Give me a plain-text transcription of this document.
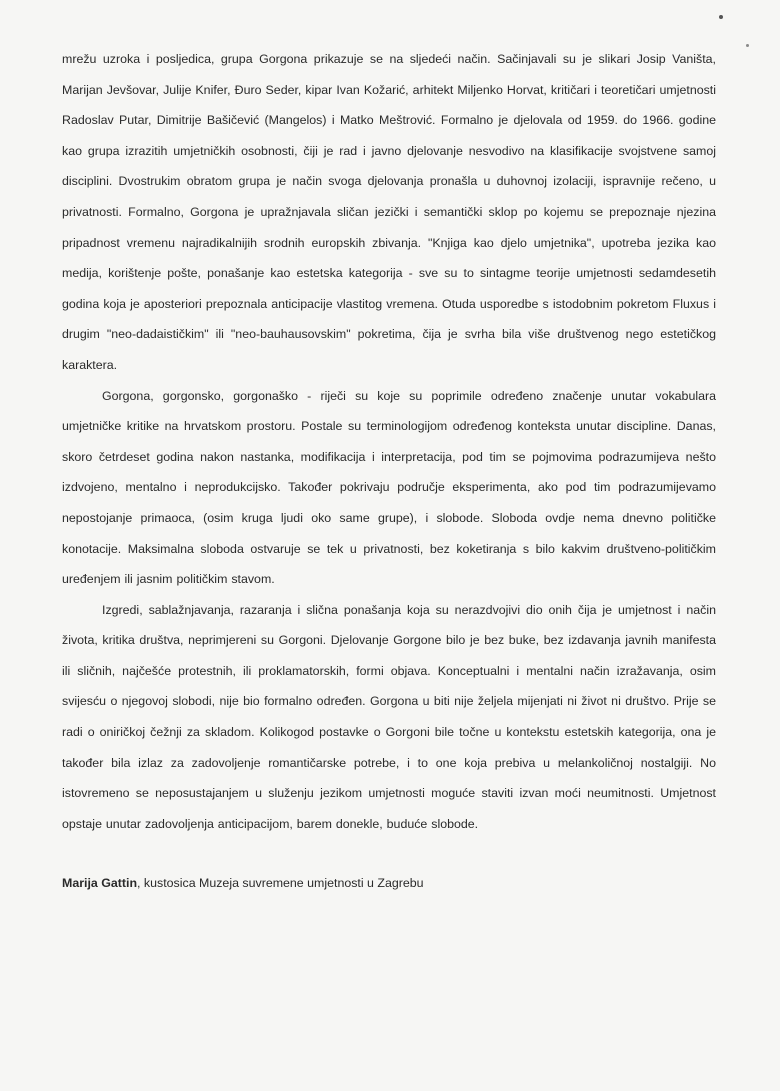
mrežu uzroka i posljedica, grupa Gorgona prikazuje se na sljedeći način. Sačinjavali su je slikari Josip Vaništa, Marijan Jevšovar, Julije Knifer, Đuro Seder, kipar Ivan Kožarić, arhitekt Miljenko Horvat, kritičari i teoretičari umjetnosti Radoslav Putar, Dimitrije Bašičević (Mangelos) i Matko Meštrović. Formalno je djelovala od 1959. do 1966. godine kao grupa izrazitih umjetničkih osobnosti, čiji je rad i javno djelovanje nesvodivo na klasifikacije svojstvene samoj disciplini. Dvostrukim obratom grupa je način svoga djelovanja pronašla u duhovnoj izolaciji, ispravnije rečeno, u privatnosti. Formalno, Gorgona je upražnjavala sličan jezički i semantički sklop po kojemu se prepoznaje njezina pripadnost vremenu najradikalnijih srodnih europskih zbivanja. "Knjiga kao djelo umjetnika", upotreba jezika kao medija, korištenje pošte, ponašanje kao estetska kategorija - sve su to sintagme teorije umjetnosti sedamdesetih godina koja je aposteriori prepoznala anticipacije vlastitog vremena. Otuda usporedbe s istodobnim pokretom Fluxus i drugim "neo-dadaističkim" ili "neo-bauhausovskim" pokretima, čija je svrha bila više društvenog nego estetičkog karaktera.

Gorgona, gorgonsko, gorgonaško - riječi su koje su poprimile određeno značenje unutar vokabulara umjetničke kritike na hrvatskom prostoru. Postale su terminologijom određenog konteksta unutar discipline. Danas, skoro četrdeset godina nakon nastanka, modifikacija i interpretacija, pod tim se pojmovima podrazumijeva nešto izdvojeno, mentalno i neprodukcijsko. Također pokrivaju područje eksperimenta, ako pod tim podrazumijevamo nepostojanje primaoca, (osim kruga ljudi oko same grupe), i slobode. Sloboda ovdje nema dnevno političke konotacije. Maksimalna sloboda ostvaruje se tek u privatnosti, bez koketiranja s bilo kakvim društveno-političkim uređenjem ili jasnim političkim stavom.

Izgredi, sablažnjavanja, razaranja i slična ponašanja koja su nerazdvojivi dio onih čija je umjetnost i način života, kritika društva, neprimjereni su Gorgoni. Djelovanje Gorgone bilo je bez buke, bez izdavanja javnih manifesta ili sličnih, najčešće protestnih, ili proklamatorskih, formi objava. Konceptualni i mentalni način izražavanja, osim svijesću o njegovoj slobodi, nije bio formalno određen. Gorgona u biti nije željela mijenjati ni život ni društvo. Prije se radi o oniričkoj čežnji za skladom. Kolikogod postavke o Gorgoni bile točne u kontekstu estetskih kategorija, ona je također bila izlaz za zadovoljenje romantičarske potrebe, i to one koja prebiva u melankoličnoj nostalgiji. No istovremeno se neposustajanjem u služenju jezikom umjetnosti moguće staviti izvan moći neumitnosti. Umjetnost opstaje unutar zadovoljenja anticipacijom, barem donekle, buduće slobode.

Marija Gattin, kustosica Muzeja suvremene umjetnosti u Zagrebu
